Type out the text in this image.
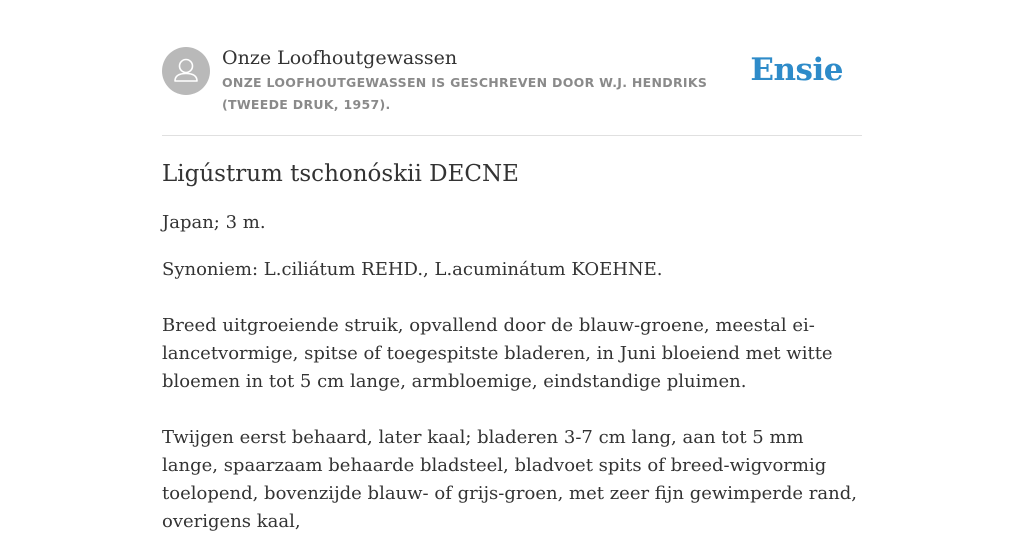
Onze Loofhoutgewassen
ONZE LOOFHOUTGEWASSEN IS GESCHREVEN DOOR W.J. HENDRIKS (TWEEDE DRUK, 1957).
Ensie
Ligústrum tschonóskii DECNE

Japan; 3 m.

Synoniem: L.ciliátum REHD., L.acuminátum KOEHNE.

Breed uitgroeiende struik, opvallend door de blauw-groene, meestal ei-lancetvormige, spitse of toegespitste bladeren, in Juni bloeiend met witte bloemen in tot 5 cm lange, armbloemige, eindstandige pluimen.

Twijgen eerst behaard, later kaal; bladeren 3-7 cm lang, aan tot 5 mm lange, spaarzaam behaarde bladsteel, bladvoet spits of breed-wigvormig toelopend, bovenzijde blauw- of grijs-groen, met zeer fijn gewimperde rand, overigens kaal,
